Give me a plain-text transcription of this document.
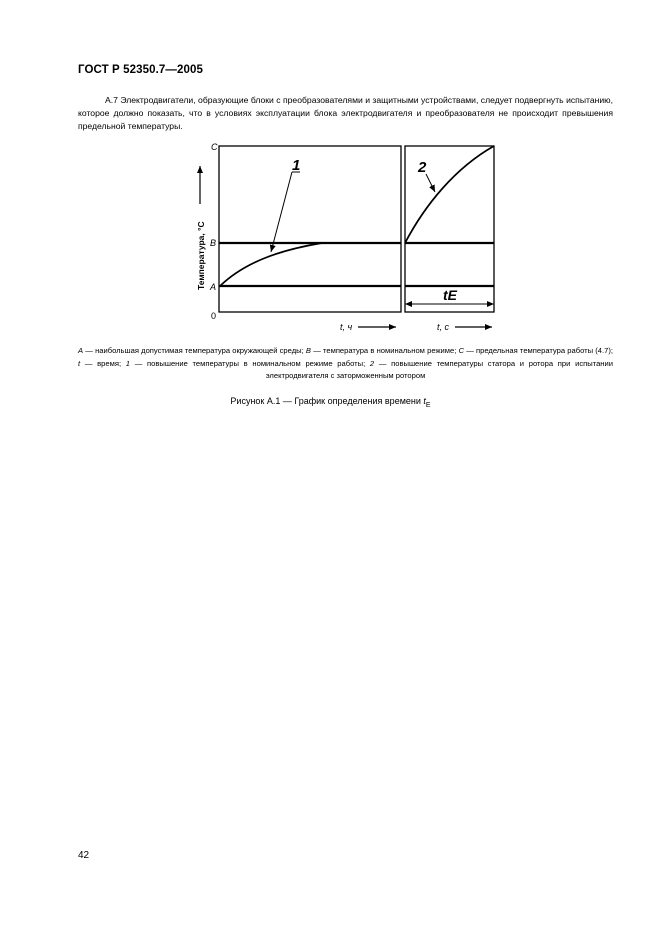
ГОСТ Р 52350.7—2005
А.7 Электродвигатели, образующие блоки с преобразователями и защитными устройствами, следует подвергнуть испытанию, которое должно показать, что в условиях эксплуатации блока электродвигателя и преобразователя не происходит превышения предельной температуры.
1	2
Температура, °C
C
B
A
0
tE
t, ч	t, с
A — наибольшая допустимая температура окружающей среды; B — температура в номинальном режиме; C — предельная температура работы (4.7); t — время; 1 — повышение температуры в номинальном режиме работы; 2 — повышение температуры статора и ротора при испытании электродвигателя с заторможенным ротором
Рисунок А.1 — График определения времени $t_E$
42
